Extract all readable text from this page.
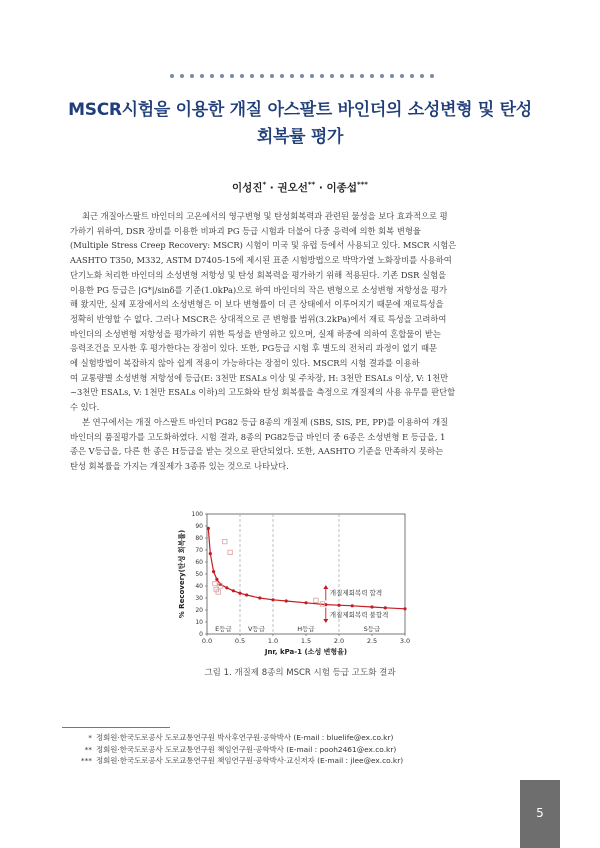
MSCR시험을 이용한 개질 아스팔트 바인더의 소성변형 및 탄성
회복률 평가
이성진* · 권오선** · 이종섭***
최근 개질아스팔트 바인더의 고온에서의 영구변형 및 탄성회복력과 관련된 물성을 보다 효과적으로 평
가하기 위하여, DSR 장비를 이용한 비파괴 PG 등급 시험과 더불어 다중 응력에 의한 회복 변형율
(Multiple Stress Creep Recovery: MSCR) 시험이 미국 및 유럽 등에서 사용되고 있다. MSCR 시험은
AASHTO T350, M332, ASTM D7405-15에 제시된 표준 시험방법으로 박막가열 노화장비를 사용하여
단기노화 처리한 바인더의 소성변형 저항성 및 탄성 회복력을 평가하기 위해 적용된다. 기존 DSR 실험을
이용한 PG 등급은 |G*|/sinδ를 기준(1.0kPa)으로 하여 바인더의 작은 변형으로 소성변형 저항성을 평가
해 왔지만, 실제 포장에서의 소성변형은 이 보다 변형률이 더 큰 상태에서 이루어지기 때문에 재료특성을
정확히 반영할 수 없다. 그러나 MSCR은 상대적으로 큰 변형률 범위(3.2kPa)에서 재료 특성을 고려하여
바인더의 소성변형 저항성을 평가하기 위한 특성을 반영하고 있으며, 실제 하중에 의하여 혼합물이 받는
응력조건을 모사한 후 평가한다는 장점이 있다. 또한, PG등급 시험 후 별도의 전처리 과정이 없기 때문
에 실험방법이 복잡하지 않아 쉽게 적용이 가능하다는 장점이 있다. MSCR의 시험 결과를 이용하
여 교통량별 소성변형 저항성에 등급(E: 3천만 ESALs 이상 및 주차장, H: 3천만 ESALs 이상, V: 1천만
~3천만 ESALs, V: 1천만 ESALs 이하)의 고도화와 탄성 회복률을 측정으로 개질제의 사용 유무를 판단할
수 있다.
본 연구에서는 개질 아스팔트 바인더 PG82 등급 8종의 개질제 (SBS, SIS, PE, PP)를 이용하여 개질
바인더의 품질평가를 고도화하였다. 시험 결과, 8종의 PG82등급 바인더 중 6종은 소성변형 E 등급을, 1
종은 V등급을, 다른 한 종은 H등급을 받는 것으로 판단되었다. 또한, AASHTO 기준을 만족하지 못하는
탄성 회복률을 가지는 개질제가 3종류 있는 것으로 나타났다.
0
10
20
30
40
50
60
70
80
90
100
0.0	0.5	1.0	1.5	2.0	2.5	3.0
E등급 V등급	H등급	S등급
개질제회복력 합격
개질제회복력 불합격
Jnr, kPa-1 (소성 변형율)
% Recovery(탄성 회복률)
그림 1. 개질제 8종의 MSCR 시험 등급 고도화 결과
* 정회원·한국도로공사 도로교통연구원 박사후연구원·공학박사 (E-mail : bluelife@ex.co.kr)
** 정회원·한국도로공사 도로교통연구원 책임연구원·공학박사 (E-mail : pooh2461@ex.co.kr)
*** 정회원·한국도로공사 도로교통연구원 책임연구원·공학박사·교신저자 (E-mail : jlee@ex.co.kr)
5
